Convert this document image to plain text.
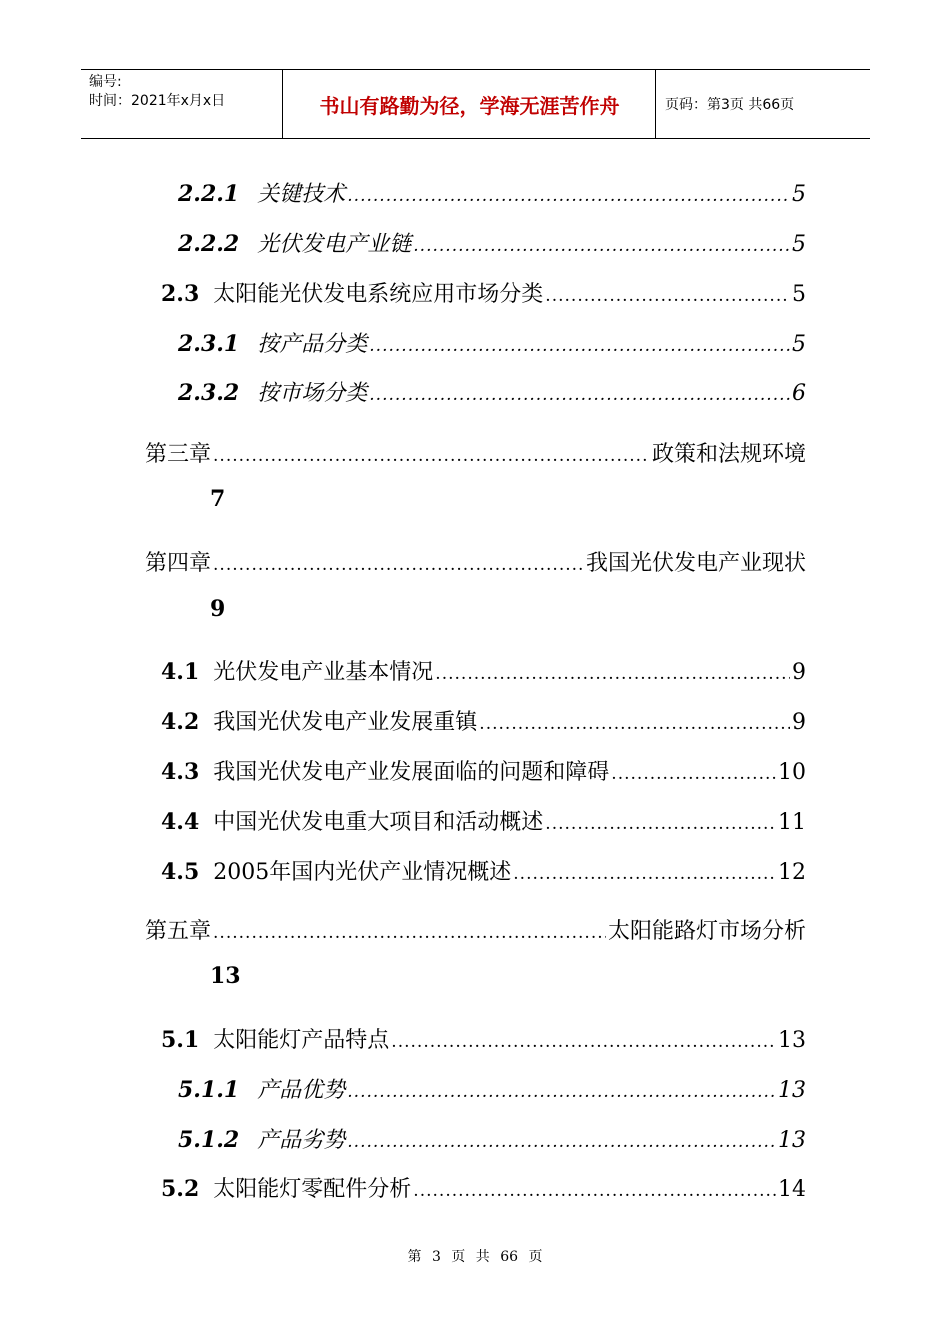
编号:
时间：2021年x月x日	书山有路勤为径，学海无涯苦作舟	页码：第3页 共66页
2.2.1 关键技术 .....	5
2.2.2 光伏发电产业链 .....	5
2.3 太阳能光伏发电系统应用市场分类 .....	5
2.3.1 按产品分类 .....	5
2.3.2 按市场分类 .....	6
第三章 .....	政策和法规环境
7
第四章 .....	我国光伏发电产业现状
9
4.1 光伏发电产业基本情况 .....	9
4.2 我国光伏发电产业发展重镇 .....	9
4.3 我国光伏发电产业发展面临的问题和障碍 .....	10
4.4 中国光伏发电重大项目和活动概述 .....	11
4.5 2005年国内光伏产业情况概述 .....	12
第五章 .....	太阳能路灯市场分析
13
5.1 太阳能灯产品特点 .....	13
5.1.1 产品优势 .....	13
5.1.2 产品劣势 .....	13
5.2 太阳能灯零配件分析 .....	14
第 3 页 共 66 页
